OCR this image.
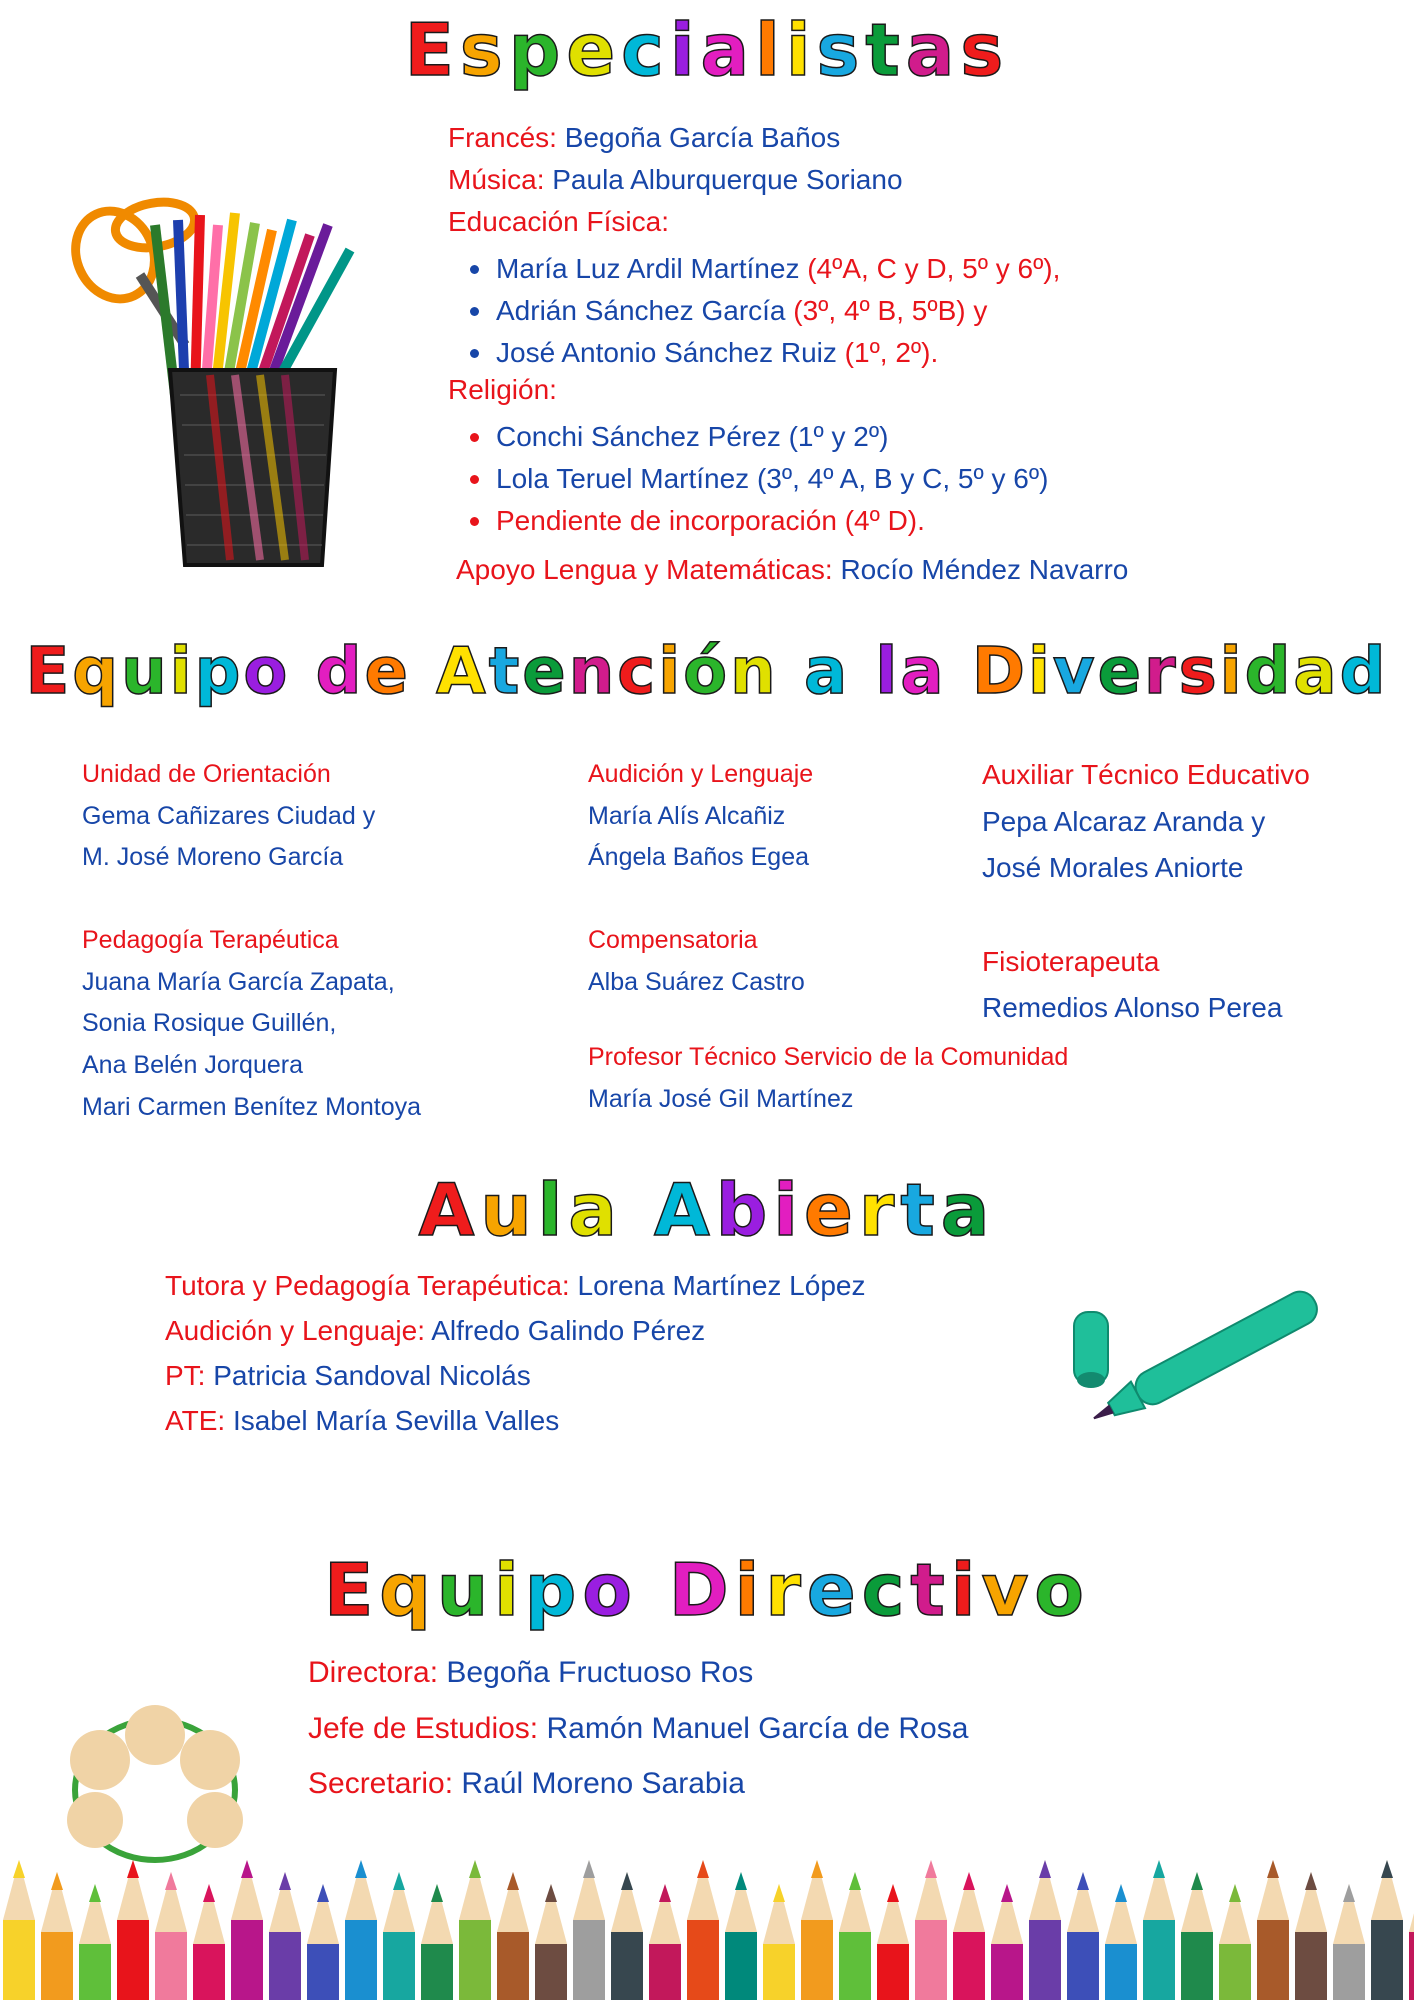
Especialistas
Francés: Begoña García Baños
Música: Paula Alburquerque Soriano
Educación Física:
María Luz Ardil Martínez (4ºA, C y D, 5º y 6º),
Adrián Sánchez García (3º, 4º B, 5ºB) y
José Antonio Sánchez Ruiz (1º, 2º).
Religión:
Conchi Sánchez Pérez (1º y 2º)
Lola Teruel Martínez (3º, 4º A, B y C, 5º y 6º)
Pendiente de incorporación (4º D).
Apoyo Lengua y Matemáticas: Rocío Méndez Navarro
Equipo de Atención a la Diversidad
Unidad de Orientación
Gema Cañizares Ciudad y
M. José Moreno García
Pedagogía Terapéutica
Juana María García Zapata,
Sonia Rosique Guillén,
Ana Belén Jorquera
Mari Carmen Benítez Montoya
Audición y Lenguaje
María Alís Alcañiz
Ángela Baños Egea
Compensatoria
Alba Suárez Castro
Profesor Técnico Servicio de la Comunidad
María José Gil Martínez
Auxiliar Técnico Educativo
Pepa Alcaraz Aranda y
José Morales Aniorte
Fisioterapeuta
Remedios Alonso Perea
Aula Abierta
Tutora y Pedagogía Terapéutica: Lorena Martínez López
Audición y Lenguaje: Alfredo Galindo Pérez
PT: Patricia Sandoval Nicolás
ATE: Isabel María Sevilla Valles
Equipo Directivo
Directora: Begoña Fructuoso Ros
Jefe de Estudios: Ramón Manuel García de Rosa
Secretario: Raúl Moreno Sarabia
